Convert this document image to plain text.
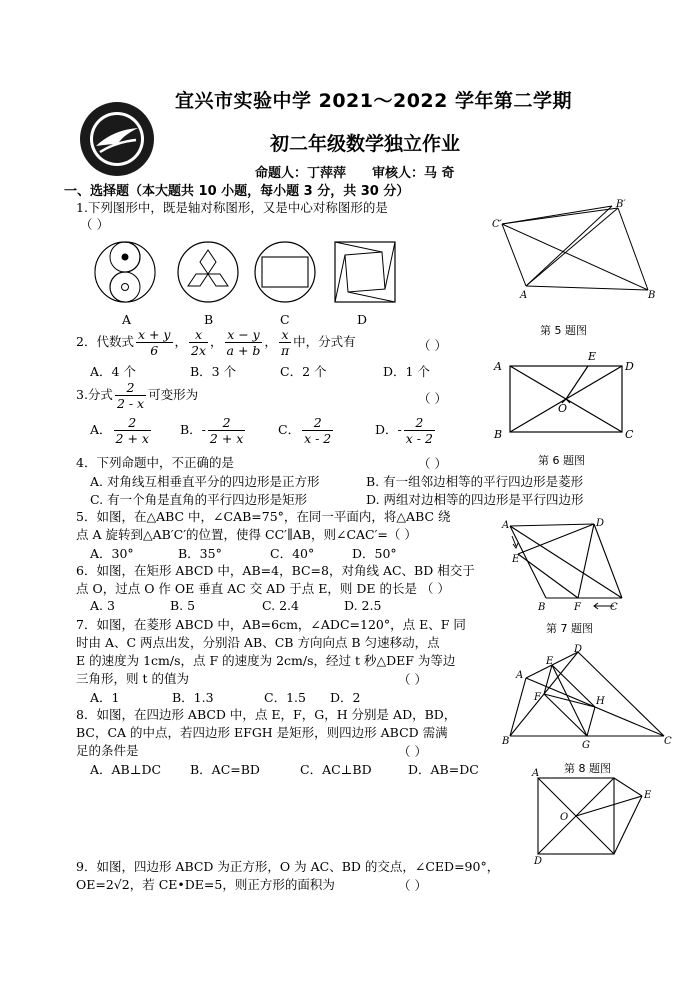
宜兴市实验中学 2021～2022 学年第二学期
初二年级数学独立作业
命题人：丁萍萍 审核人：马 奇
一、选择题（本大题共 10 小题，每小题 3 分，共 30 分）
1.下列图形中，既是轴对称图形，又是中心对称图形的是
（ ）
A	B	C	D
2．代数式 $\frac{x + y}{6}$ ， $\frac{x}{2x}$ ， $\frac{x - y}{a + b}$ ， $\frac{x}{\pi}$ 中，分式有	（ ）
A．4 个	B．3 个	C．2 个	D．1 个
3.分式 $\frac{2}{2 - x}$ 可变形为	（ ）
A． $\frac{2}{2 + x}$ B．- $\frac{2}{2 + x}$	C． $\frac{2}{x - 2}$	D．- $\frac{2}{x - 2}$
4．下列命题中，不正确的是	（ ）
A. 对角线互相垂直平分的四边形是正方形	B. 有一组邻边相等的平行四边形是菱形
C. 有一个角是直角的平行四边形是矩形	D. 两组对边相等的四边形是平行四边形
5．如图，在△ABC 中，∠CAB=75°，在同一平面内，将△ABC 绕
点 A 旋转到△AB′C′的位置，使得 CC′∥AB，则∠CAC′=（ ）
A．30°	B．35°	C．40°	D．50°
6．如图，在矩形 ABCD 中，AB=4，BC=8，对角线 AC、BD 相交于
点 O，过点 O 作 OE 垂直 AC 交 AD 于点 E，则 DE 的长是 （ ）
A. 3	B. 5	C. 2.4	D. 2.5
7．如图，在菱形 ABCD 中，AB=6cm，∠ADC=120°，点 E、F 同
时由 A、C 两点出发，分别沿 AB、CB 方向向点 B 匀速移动，点
E 的速度为 1cm/s，点 F 的速度为 2cm/s，经过 t 秒△DEF 为等边
三角形，则 t 的值为	（ ）
A．1	B．1.3	C．1.5 D．2
8．如图，在四边形 ABCD 中，点 E，F，G，H 分别是 AD，BD，
BC，CA 的中点，若四边形 EFGH 是矩形，则四边形 ABCD 需满
足的条件是	（ ）
A．AB⊥DC B．AC=BD	C．AC⊥BD	D．AB=DC
9．如图，四边形 ABCD 为正方形，O 为 AC、BD 的交点，∠CED=90°，
OE=2√2，若 CE•DE=5，则正方形的面积为	（ ）
C′
A	B
B′
第 5 题图
A
B	C
D
E
O
第 6 题图
A
B	C
D
E
F
第 7 题图
A
B	C
D
E
F
G
H
第 8 题图
A
D
E
O
